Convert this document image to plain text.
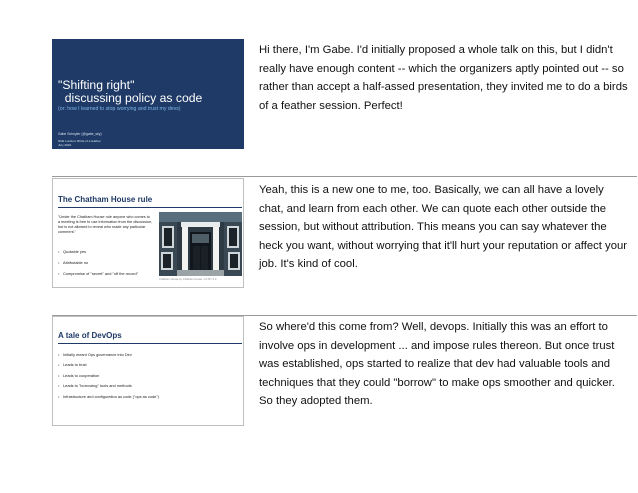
"Shifting right"
discussing policy as code
(or: how I learned to stop worrying and trust my devs)
Gabe Schuyler (@gabe_sky)
SCE London: Birds of a feather
July 2022
Hi there, I'm Gabe. I'd initially proposed a whole talk on this, but I didn't really have enough content -- which the organizers aptly pointed out -- so rather than accept a half-assed presentation, they invited me to do a birds of a feather session. Perfect!
The Chatham House rule
"Under the Chatham House rule anyone who comes to a meeting is free to use information from the discussion, but is not allowed to reveal who made any particular comment."
• Quotable yes
• Attributable no
• Compromise of "secret" and "off the record"
Chatham House by Chatham House, CC BY 2.0
Yeah, this is a new one to me, too. Basically, we can all have a lovely chat, and learn from each other. We can quote each other outside the session, but without attribution. This means you can say whatever the heck you want, without worrying that it'll hurt your reputation or affect your job. It's kind of cool.
A tale of DevOps
• Initially meant Ops governance into Dev
• Leads to trust
• Leads to cooperation
• Leads to "borrowing" tools and methods
• Infrastructure and configuration as code ("ops as code")
So where'd this come from? Well, devops. Initially this was an effort to involve ops in development ... and impose rules thereon. But once trust was established, ops started to realize that dev had valuable tools and techniques that they could "borrow" to make ops smoother and quicker. So they adopted them.
